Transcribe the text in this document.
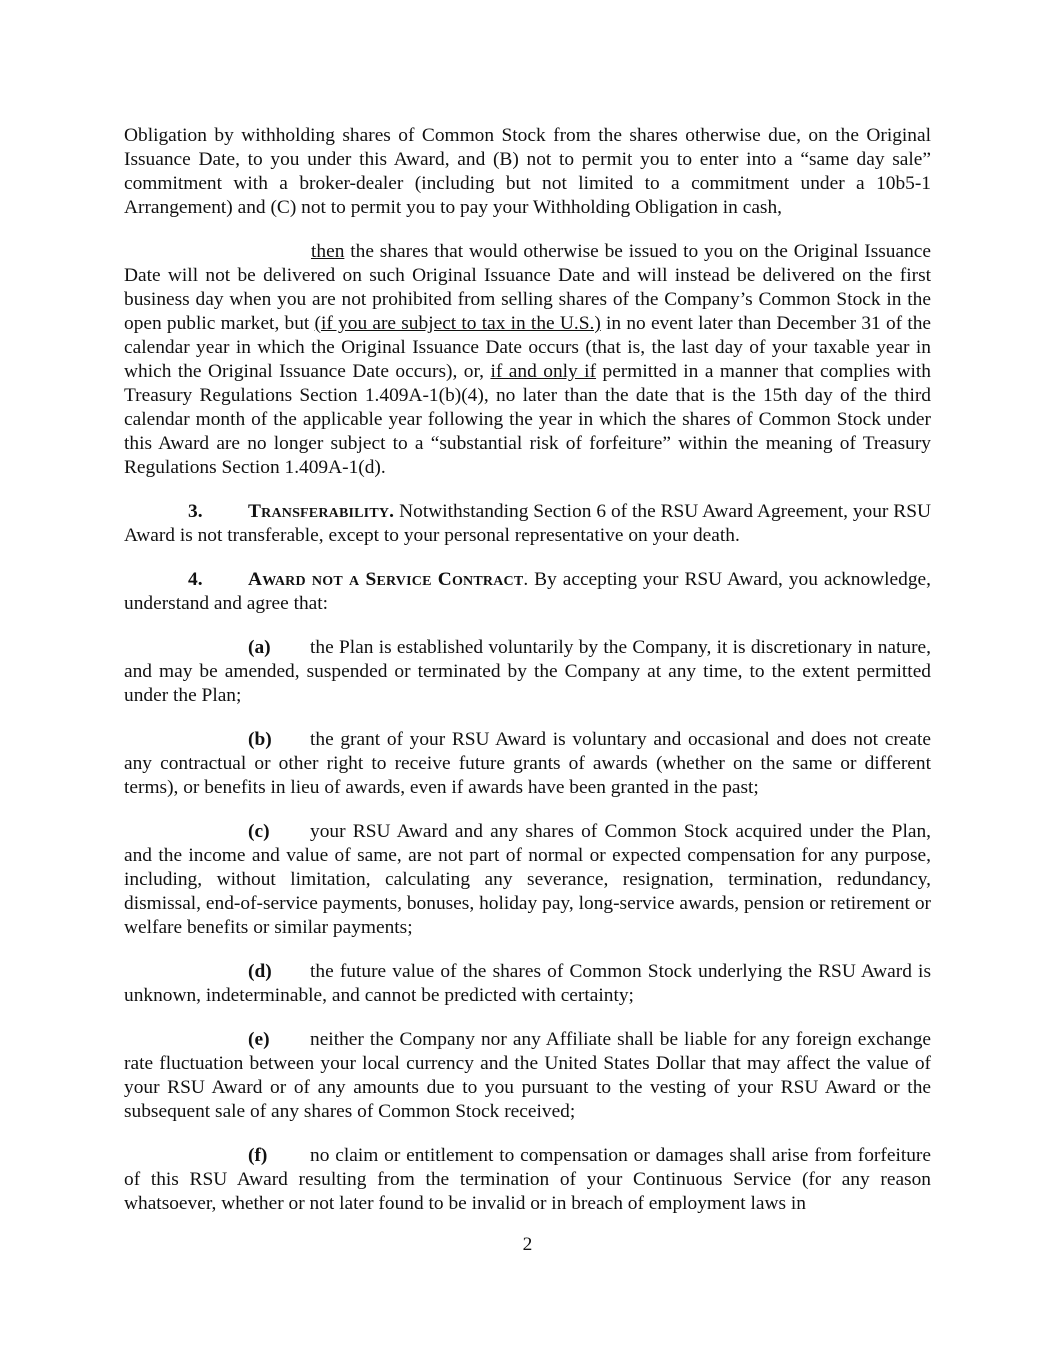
Obligation by withholding shares of Common Stock from the shares otherwise due, on the Original Issuance Date, to you under this Award, and (B) not to permit you to enter into a “same day sale” commitment with a broker-dealer (including but not limited to a commitment under a 10b5-1 Arrangement) and (C) not to permit you to pay your Withholding Obligation in cash,

then the shares that would otherwise be issued to you on the Original Issuance Date will not be delivered on such Original Issuance Date and will instead be delivered on the first business day when you are not prohibited from selling shares of the Company’s Common Stock in the open public market, but (if you are subject to tax in the U.S.) in no event later than December 31 of the calendar year in which the Original Issuance Date occurs (that is, the last day of your taxable year in which the Original Issuance Date occurs), or, if and only if permitted in a manner that complies with Treasury Regulations Section 1.409A-1(b)(4), no later than the date that is the 15th day of the third calendar month of the applicable year following the year in which the shares of Common Stock under this Award are no longer subject to a “substantial risk of forfeiture” within the meaning of Treasury Regulations Section 1.409A-1(d).

3. Transferability. Notwithstanding Section 6 of the RSU Award Agreement, your RSU Award is not transferable, except to your personal representative on your death.

4. Award not a Service Contract. By accepting your RSU Award, you acknowledge, understand and agree that:

(a) the Plan is established voluntarily by the Company, it is discretionary in nature, and may be amended, suspended or terminated by the Company at any time, to the extent permitted under the Plan;

(b) the grant of your RSU Award is voluntary and occasional and does not create any contractual or other right to receive future grants of awards (whether on the same or different terms), or benefits in lieu of awards, even if awards have been granted in the past;

(c) your RSU Award and any shares of Common Stock acquired under the Plan, and the income and value of same, are not part of normal or expected compensation for any purpose, including, without limitation, calculating any severance, resignation, termination, redundancy, dismissal, end-of-service payments, bonuses, holiday pay, long-service awards, pension or retirement or welfare benefits or similar payments;

(d) the future value of the shares of Common Stock underlying the RSU Award is unknown, indeterminable, and cannot be predicted with certainty;

(e) neither the Company nor any Affiliate shall be liable for any foreign exchange rate fluctuation between your local currency and the United States Dollar that may affect the value of your RSU Award or of any amounts due to you pursuant to the vesting of your RSU Award or the subsequent sale of any shares of Common Stock received;

(f) no claim or entitlement to compensation or damages shall arise from forfeiture of this RSU Award resulting from the termination of your Continuous Service (for any reason whatsoever, whether or not later found to be invalid or in breach of employment laws in

2
